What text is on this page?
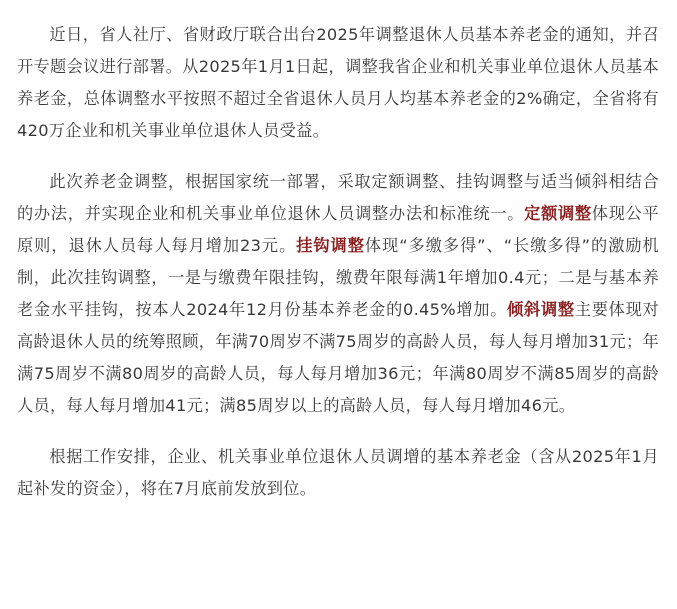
近日，省人社厅、省财政厅联合出台2025年调整退休人员基本养老金的通知，并召开专题会议进行部署。从2025年1月1日起，调整我省企业和机关事业单位退休人员基本养老金，总体调整水平按照不超过全省退休人员月人均基本养老金的2%确定，全省将有420万企业和机关事业单位退休人员受益。

此次养老金调整，根据国家统一部署，采取定额调整、挂钩调整与适当倾斜相结合的办法，并实现企业和机关事业单位退休人员调整办法和标准统一。定额调整体现公平原则，退休人员每人每月增加23元。挂钩调整体现“多缴多得”、“长缴多得”的激励机制，此次挂钩调整，一是与缴费年限挂钩，缴费年限每满1年增加0.4元；二是与基本养老金水平挂钩，按本人2024年12月份基本养老金的0.45%增加。倾斜调整主要体现对高龄退休人员的统筹照顾，年满70周岁不满75周岁的高龄人员，每人每月增加31元；年满75周岁不满80周岁的高龄人员，每人每月增加36元；年满80周岁不满85周岁的高龄人员，每人每月增加41元；满85周岁以上的高龄人员，每人每月增加46元。

根据工作安排，企业、机关事业单位退休人员调增的基本养老金（含从2025年1月起补发的资金），将在7月底前发放到位。
